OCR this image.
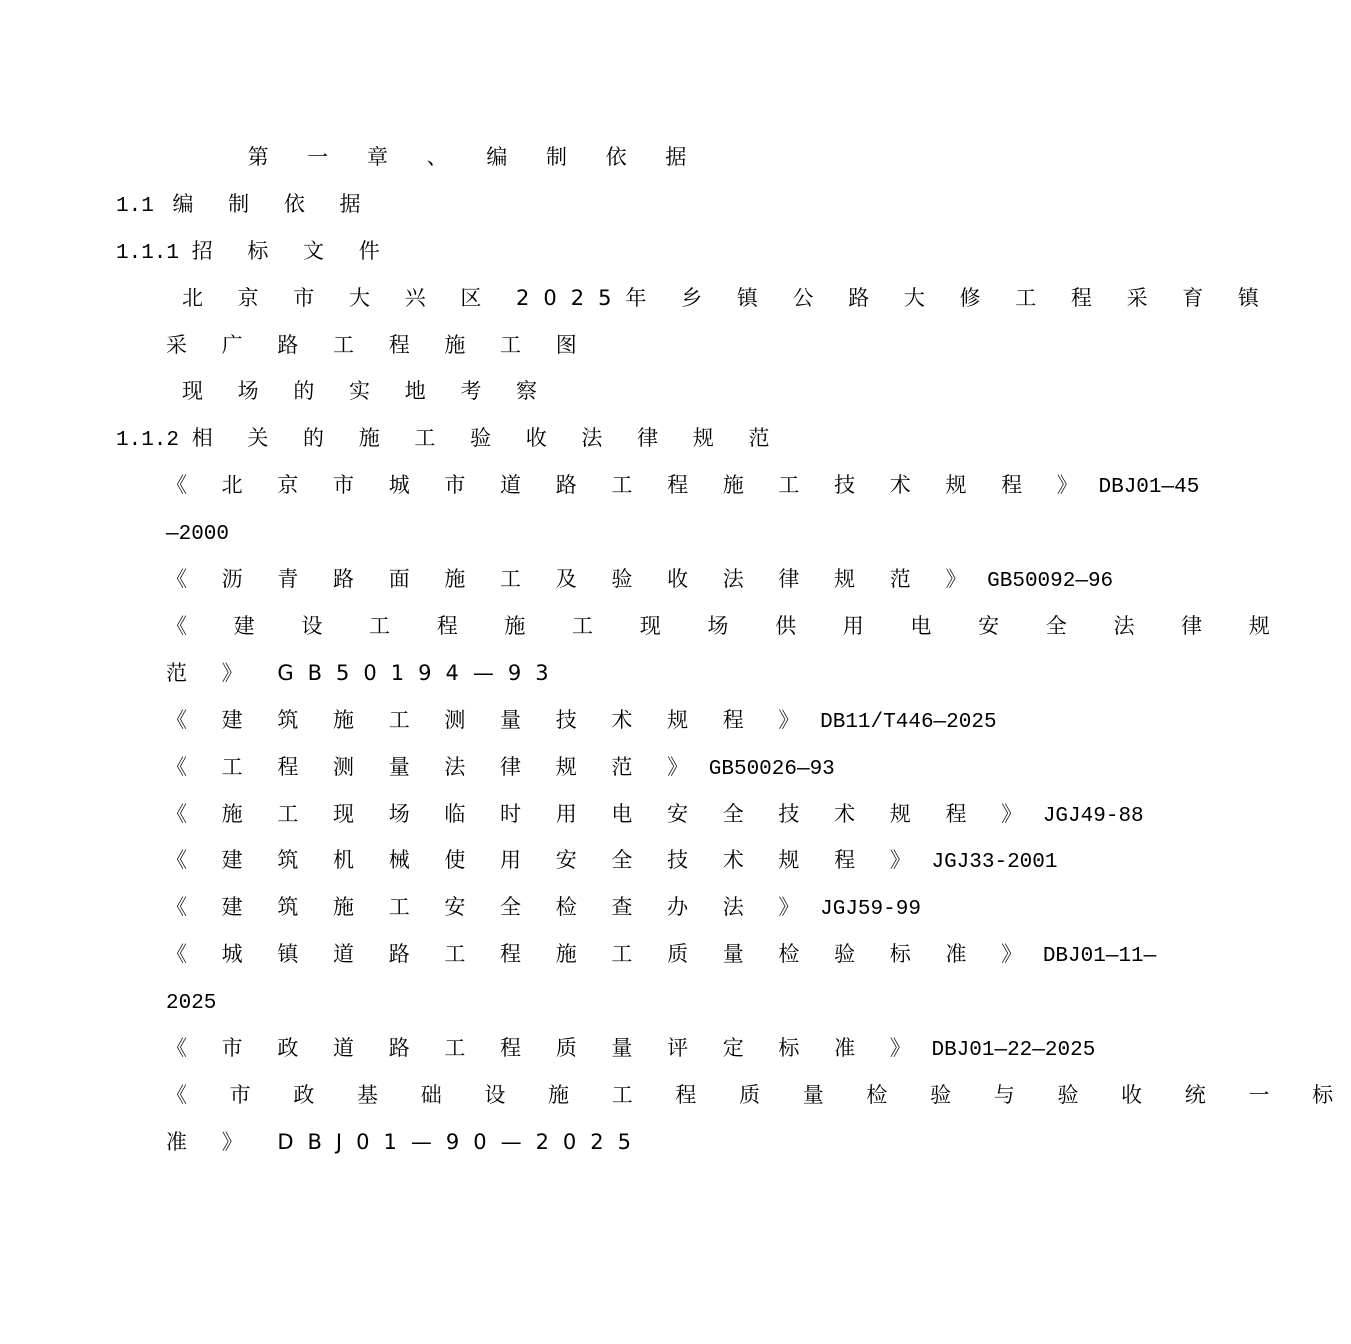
第 一 章 、 编 制 依 据
1.1 编 制 依 据
1.1.1 招 标 文 件
北 京 市 大 兴 区 2025年 乡 镇 公 路 大 修 工 程 采 育 镇
采 广 路 工 程 施 工 图
现 场 的 实 地 考 察
1.1.2 相 关 的 施 工 验 收 法 律 规 范
《 北 京 市 城 市 道 路 工 程 施 工 技 术 规 程 》 DBJ01—45
—2000
《 沥 青 路 面 施 工 及 验 收 法 律 规 范 》 GB50092—96
《 建 设 工 程 施 工 现 场 供 用 电 安 全 法 律 规
范 》 GB50194—93
《 建 筑 施 工 测 量 技 术 规 程 》 DB11/T446—2025
《 工 程 测 量 法 律 规 范 》 GB50026—93
《 施 工 现 场 临 时 用 电 安 全 技 术 规 程 》 JGJ49-88
《 建 筑 机 械 使 用 安 全 技 术 规 程 》 JGJ33-2001
《 建 筑 施 工 安 全 检 查 办 法 》 JGJ59-99
《 城 镇 道 路 工 程 施 工 质 量 检 验 标 准 》 DBJ01—11—
2025
《 市 政 道 路 工 程 质 量 评 定 标 准 》 DBJ01—22—2025
《 市 政 基 础 设 施 工 程 质 量 检 验 与 验 收 统 一 标
准 》 DBJ01—90—2025
